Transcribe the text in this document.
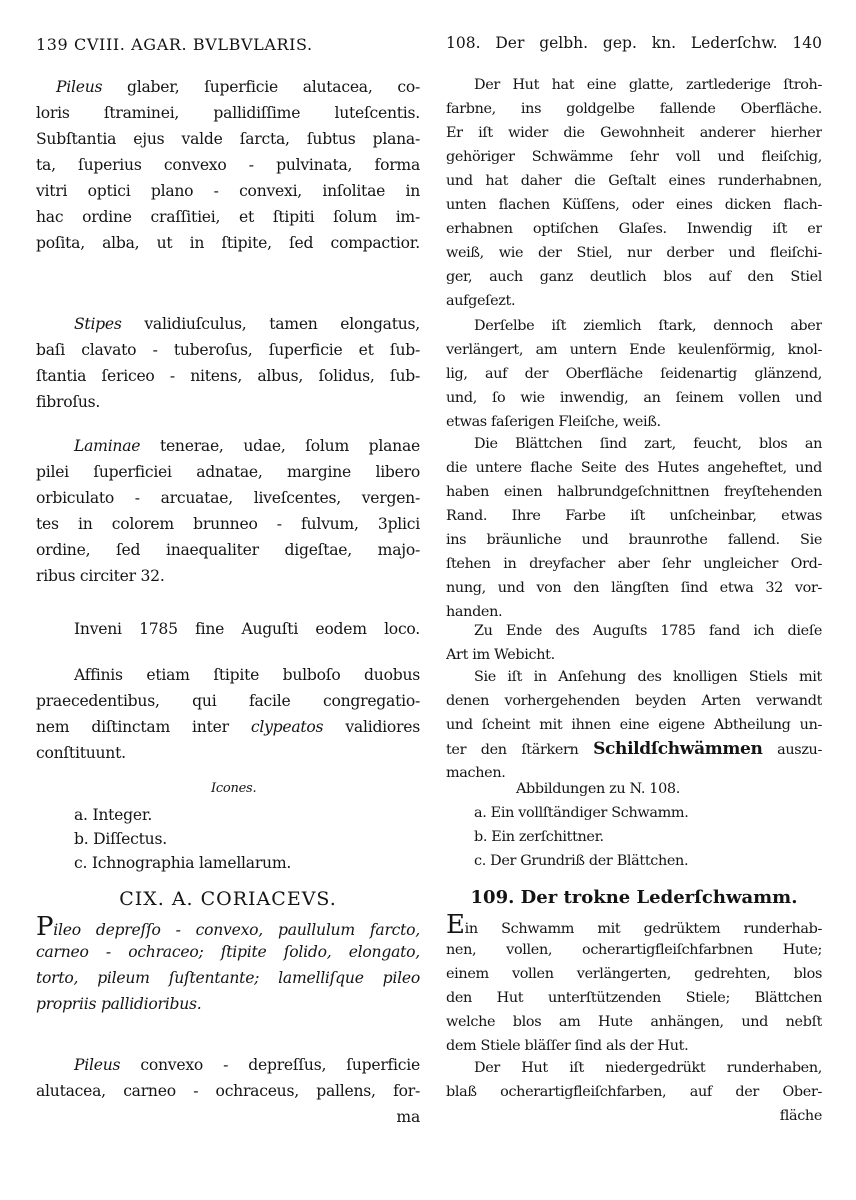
139 CVIII. AGAR. BVLBVLARIS.
Pileus glaber, ſuperficie alutacea, co-
loris ſtraminei, pallidiſſime luteſcentis.
Subſtantia ejus valde ſarcta, ſubtus plana-
ta, ſuperius convexo - pulvinata, forma
vitri optici plano - convexi, inſolitae in
hac ordine craſſitiei, et ſtipiti ſolum im-
poſita, alba, ut in ſtipite, ſed compactior.
Stipes validiuſculus, tamen elongatus,
baſi clavato - tuberoſus, ſuperficie et ſub-
ſtantia ſericeo - nitens, albus, ſolidus, ſub-
fibroſus.
Laminae tenerae, udae, ſolum planae
pilei ſuperficiei adnatae, margine libero
orbiculato - arcuatae, liveſcentes, vergen-
tes in colorem brunneo - fulvum, 3plici
ordine, ſed inaequaliter digeſtae, majo-
ribus circiter 32.
Inveni 1785 fine Auguſti eodem loco.
Affinis etiam ſtipite bulboſo duobus
praecedentibus, qui facile congregatio-
nem diſtinctam inter clypeatos validiores
conſtituunt.
Icones.
a. Integer.
b. Diſſectus.
c. Ichnographia lamellarum.
CIX. A. CORIACEVS.
Pileo depreſſo - convexo, paullulum farcto,
carneo - ochraceo; ſtipite ſolido, elongato,
torto, pileum ſuſtentante; lamelliſque pileo
propriis pallidioribus.
Pileus convexo - depreſſus, ſuperficie
alutacea, carneo - ochraceus, pallens, for-
ma
108. Der gelbh. gep. kn. Lederſchw. 140
Der Hut hat eine glatte, zartlederige ſtroh-
farbne, ins goldgelbe fallende Oberfläche.
Er iſt wider die Gewohnheit anderer hierher
gehöriger Schwämme ſehr voll und fleiſchig,
und hat daher die Geſtalt eines runderhabnen,
unten flachen Küſſens, oder eines dicken flach-
erhabnen optiſchen Glaſes. Inwendig iſt er
weiß, wie der Stiel, nur derber und fleiſchi-
ger, auch ganz deutlich blos auf den Stiel
aufgeſezt.
Derſelbe iſt ziemlich ſtark, dennoch aber
verlängert, am untern Ende keulenförmig, knol-
lig, auf der Oberfläche ſeidenartig glänzend,
und, ſo wie inwendig, an ſeinem vollen und
etwas faſerigen Fleiſche, weiß.
Die Blättchen ſind zart, feucht, blos an
die untere flache Seite des Hutes angeheftet, und
haben einen halbrundgeſchnittnen freyſtehenden
Rand. Ihre Farbe iſt unſcheinbar, etwas
ins bräunliche und braunrothe fallend. Sie
ſtehen in dreyfacher aber ſehr ungleicher Ord-
nung, und von den längſten ſind etwa 32 vor-
handen.
Zu Ende des Auguſts 1785 fand ich dieſe
Art im Webicht.
Sie iſt in Anſehung des knolligen Stiels mit
denen vorhergehenden beyden Arten verwandt
und ſcheint mit ihnen eine eigene Abtheilung un-
ter den ſtärkern Schildſchwämmen auszu-
machen.
Abbildungen zu N. 108.
a. Ein vollſtändiger Schwamm.
b. Ein zerſchittner.
c. Der Grundriß der Blättchen.
109. Der trokne Lederſchwamm.
Ein Schwamm mit gedrüktem runderhab-
nen, vollen, ocherartigfleiſchfarbnen Hute;
einem vollen verlängerten, gedrehten, blos
den Hut unterſtützenden Stiele; Blättchen
welche blos am Hute anhängen, und nebſt
dem Stiele bläſſer ſind als der Hut.
Der Hut iſt niedergedrükt runderhaben,
blaß ocherartigfleiſchfarben, auf der Ober-
fläche
